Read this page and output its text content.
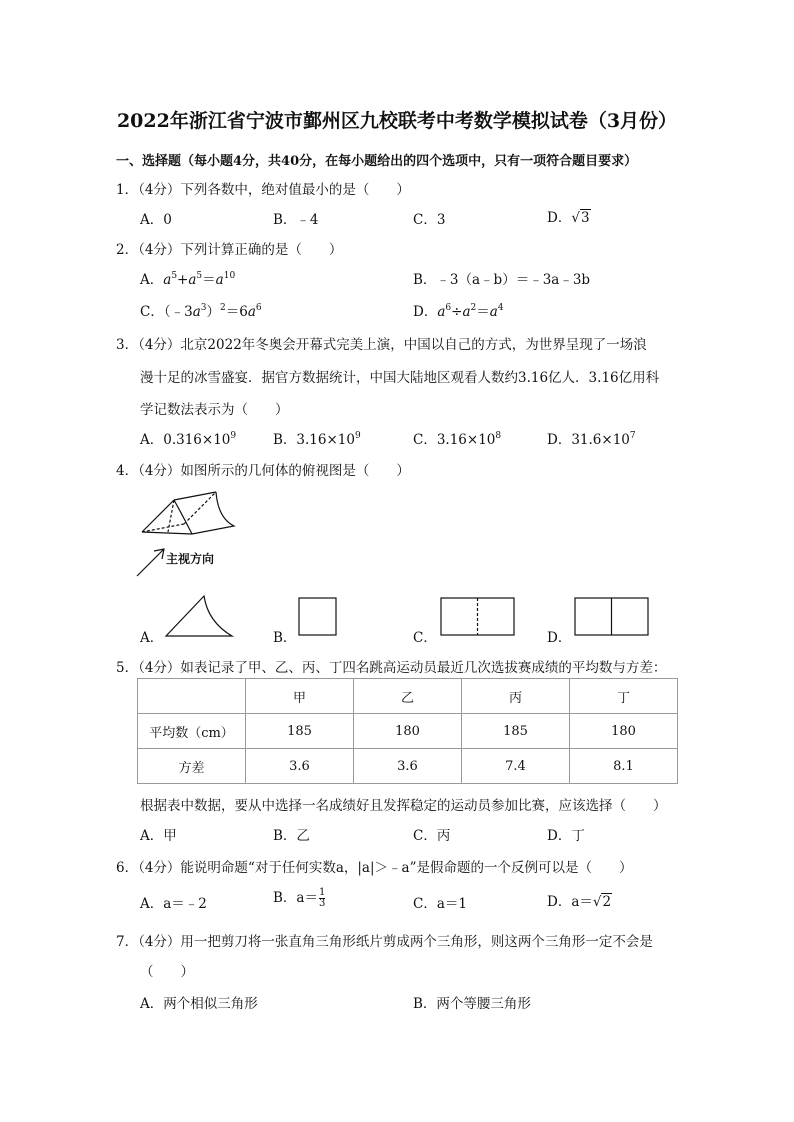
2022年浙江省宁波市鄞州区九校联考中考数学模拟试卷（3月份）
一、选择题（每小题4分，共40分，在每小题给出的四个选项中，只有一项符合题目要求）
1．（4分）下列各数中，绝对值最小的是（　　）
A．0	B．﹣4	C．3	D．√3
2．（4分）下列计算正确的是（　　）
A．$a^5+a^5=a^{10}$	B．﹣3（a﹣b）＝﹣3a﹣3b
C．$(﹣3a^3)^2=6a^6$	D．$a^6\div a^2=a^4$
3．（4分）北京2022年冬奥会开幕式完美上演，中国以自己的方式，为世界呈现了一场浪
漫十足的冰雪盛宴．据官方数据统计，中国大陆地区观看人数约3.16亿人．3.16亿用科
学记数法表示为（　　）
A．$0.316\times 10^9$	B．$3.16\times 10^9$	C．$3.16\times 10^8$	D．$31.6\times 10^7$
4．（4分）如图所示的几何体的俯视图是（　　）
主视方向
A．	B．	C．	D．
5．（4分）如表记录了甲、乙、丙、丁四名跳高运动员最近几次选拔赛成绩的平均数与方差：
	甲	乙	丙	丁
平均数（cm）	185	180	185	180
方差	3.6	3.6	7.4	8.1
根据表中数据，要从中选择一名成绩好且发挥稳定的运动员参加比赛，应该选择（　　）
A．甲	B．乙	C．丙	D．丁
6．（4分）能说明命题“对于任何实数a，|a|＞﹣a”是假命题的一个反例可以是（　　）
A．a＝﹣2	B．$a= \frac{1}{3}$	C．a＝1	D．a＝√2
7．（4分）用一把剪刀将一张直角三角形纸片剪成两个三角形，则这两个三角形一定不会是
（　　）
A．两个相似三角形	B．两个等腰三角形
